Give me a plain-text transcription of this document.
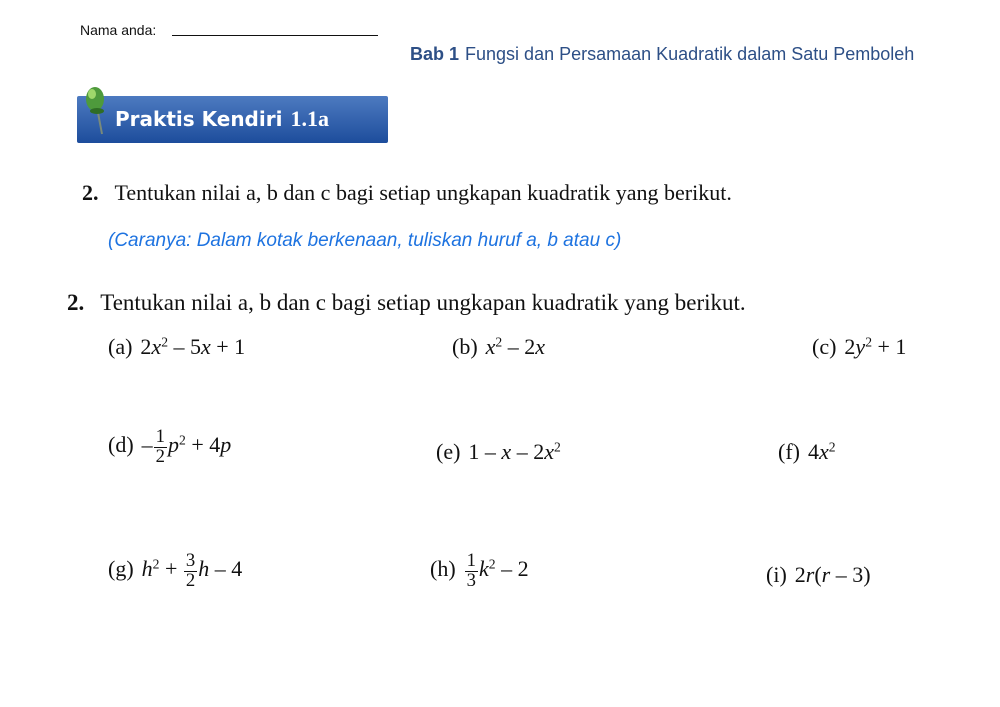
Nama anda:
Bab 1 Fungsi dan Persamaan Kuadratik dalam Satu Pemboleh
Praktis Kendiri 1.1a
2. Tentukan nilai a, b dan c bagi setiap ungkapan kuadratik yang berikut.
(Caranya: Dalam kotak berkenaan, tuliskan huruf a, b atau c)
2. Tentukan nilai a, b dan c bagi setiap ungkapan kuadratik yang berikut.
(a) $2x^2 - 5x + 1$	(b) $x^2 - 2x$	(c) $2y^2 + 1$
$(d) - \frac{1}{2} p^2 + 4p$	(e) 1 – x – $2x^2$	(f) $4x^2$
(g) $h^2 + \frac{3}{2}$ h – 4	$(h) \frac{1}{3} k^2 - 2$	(i) 2r(r – 3)
